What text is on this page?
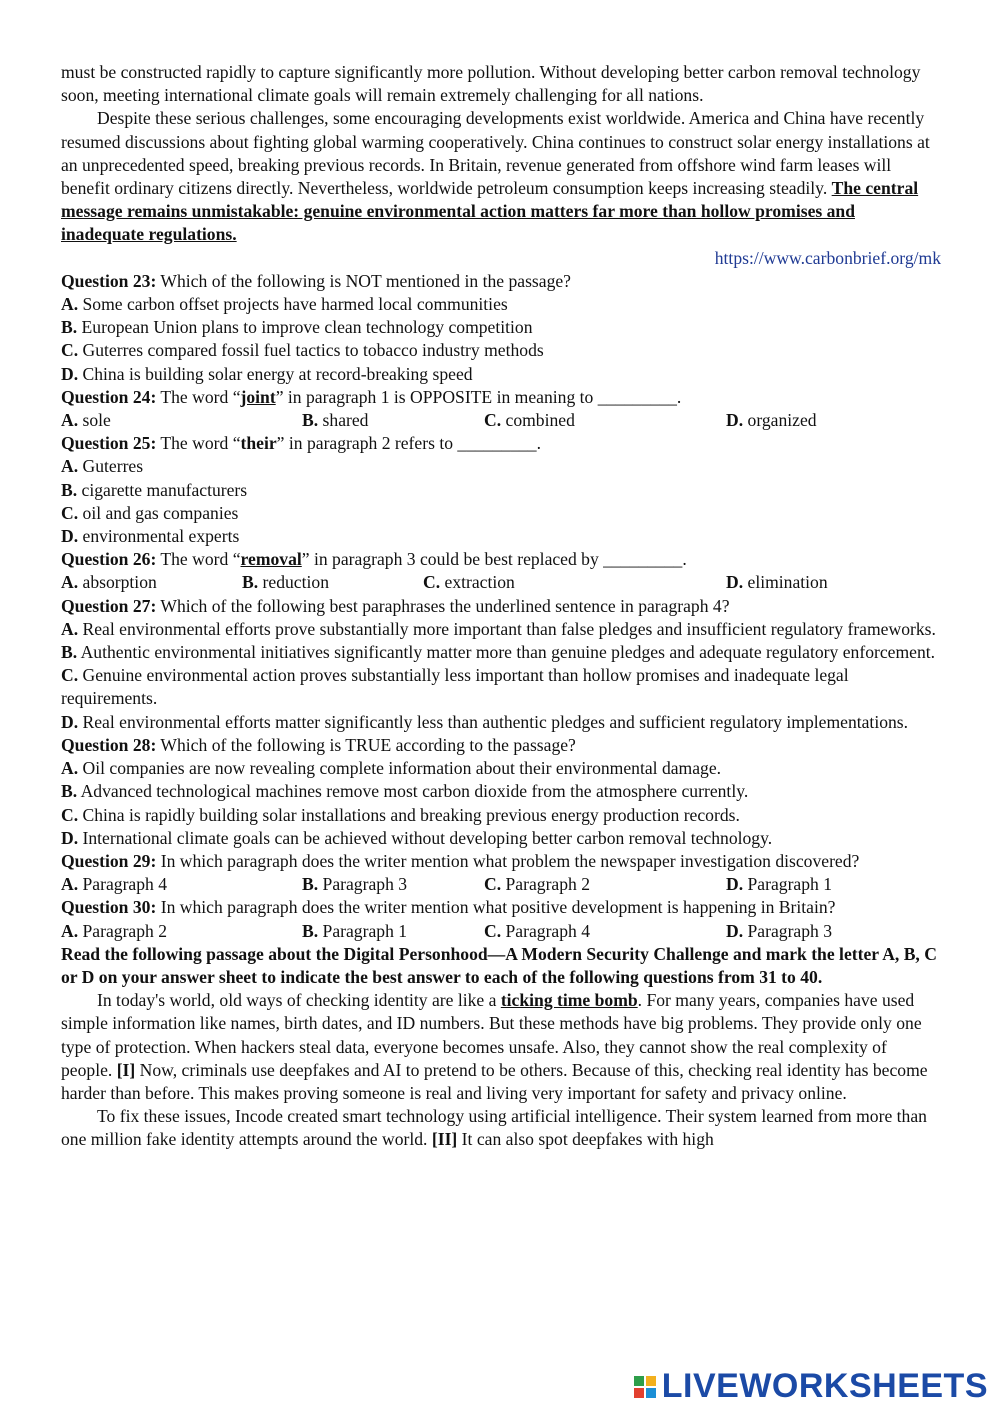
must be constructed rapidly to capture significantly more pollution. Without developing better carbon removal technology soon, meeting international climate goals will remain extremely challenging for all nations.

Despite these serious challenges, some encouraging developments exist worldwide. America and China have recently resumed discussions about fighting global warming cooperatively. China continues to construct solar energy installations at an unprecedented speed, breaking previous records. In Britain, revenue generated from offshore wind farm leases will benefit ordinary citizens directly. Nevertheless, worldwide petroleum consumption keeps increasing steadily. The central message remains unmistakable: genuine environmental action matters far more than hollow promises and inadequate regulations.

https://www.carbonbrief.org/mk

Question 23: Which of the following is NOT mentioned in the passage?

A. Some carbon offset projects have harmed local communities

B. European Union plans to improve clean technology competition

C. Guterres compared fossil fuel tactics to tobacco industry methods

D. China is building solar energy at record-breaking speed

Question 24: The word “joint” in paragraph 1 is OPPOSITE in meaning to _________.

A. sole	B. shared	C. combined	D. organized

Question 25: The word “their” in paragraph 2 refers to _________.

A. Guterres

B. cigarette manufacturers

C. oil and gas companies

D. environmental experts

Question 26: The word “removal” in paragraph 3 could be best replaced by _________.

A. absorption	B. reduction	C. extraction	D. elimination

Question 27: Which of the following best paraphrases the underlined sentence in paragraph 4?

A. Real environmental efforts prove substantially more important than false pledges and insufficient regulatory frameworks.

B. Authentic environmental initiatives significantly matter more than genuine pledges and adequate regulatory enforcement.

C. Genuine environmental action proves substantially less important than hollow promises and inadequate legal requirements.

D. Real environmental efforts matter significantly less than authentic pledges and sufficient regulatory implementations.

Question 28: Which of the following is TRUE according to the passage?

A. Oil companies are now revealing complete information about their environmental damage.

B. Advanced technological machines remove most carbon dioxide from the atmosphere currently.

C. China is rapidly building solar installations and breaking previous energy production records.

D. International climate goals can be achieved without developing better carbon removal technology.

Question 29: In which paragraph does the writer mention what problem the newspaper investigation discovered?

A. Paragraph 4	B. Paragraph 3	C. Paragraph 2	D. Paragraph 1

Question 30: In which paragraph does the writer mention what positive development is happening in Britain?

A. Paragraph 2	B. Paragraph 1	C. Paragraph 4	D. Paragraph 3

Read the following passage about the Digital Personhood—A Modern Security Challenge and mark the letter A, B, C or D on your answer sheet to indicate the best answer to each of the following questions from 31 to 40.

In today's world, old ways of checking identity are like a ticking time bomb. For many years, companies have used simple information like names, birth dates, and ID numbers. But these methods have big problems. They provide only one type of protection. When hackers steal data, everyone becomes unsafe. Also, they cannot show the real complexity of people. [I] Now, criminals use deepfakes and AI to pretend to be others. Because of this, checking real identity has become harder than before. This makes proving someone is real and living very important for safety and privacy online.

To fix these issues, Incode created smart technology using artificial intelligence. Their system learned from more than one million fake identity attempts around the world. [II] It can also spot deepfakes with high

LIVEWORKSHEETS
